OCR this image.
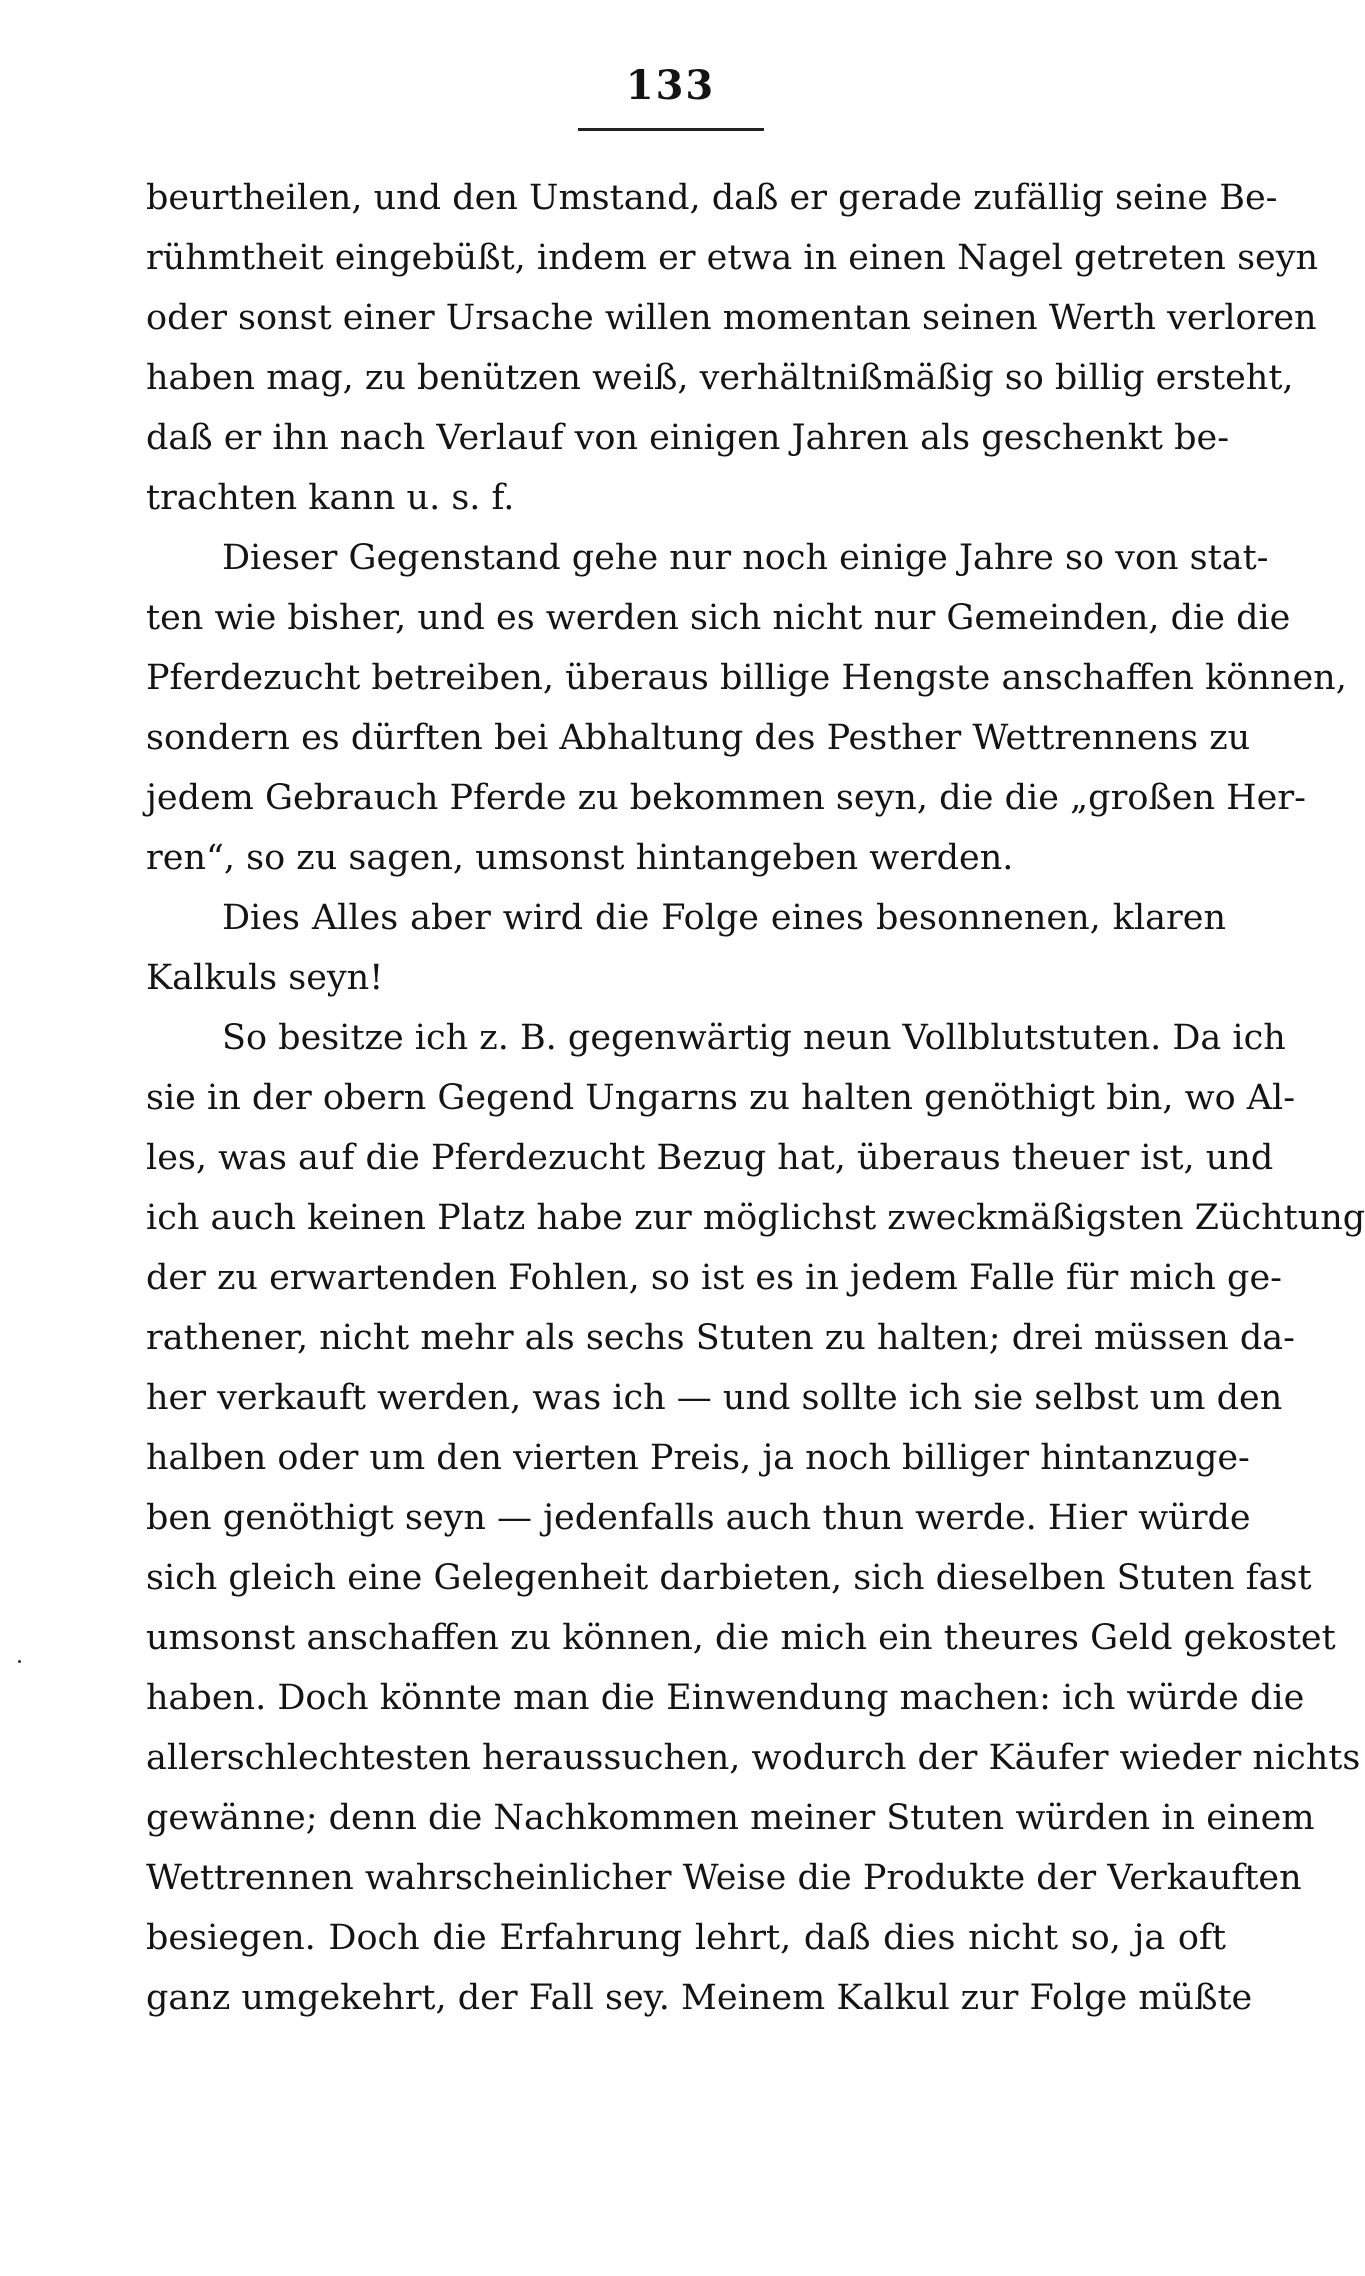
133
beurtheilen, und den Umstand, daß er gerade zufällig seine Be-
rühmtheit eingebüßt, indem er etwa in einen Nagel getreten seyn
oder sonst einer Ursache willen momentan seinen Werth verloren
haben mag, zu benützen weiß, verhältnißmäßig so billig ersteht,
daß er ihn nach Verlauf von einigen Jahren als geschenkt be-
trachten kann u. s. f.
Dieser Gegenstand gehe nur noch einige Jahre so von stat-
ten wie bisher, und es werden sich nicht nur Gemeinden, die die
Pferdezucht betreiben, überaus billige Hengste anschaffen können,
sondern es dürften bei Abhaltung des Pesther Wettrennens zu
jedem Gebrauch Pferde zu bekommen seyn, die die „großen Her-
ren“, so zu sagen, umsonst hintangeben werden.
Dies Alles aber wird die Folge eines besonnenen, klaren
Kalkuls seyn!
So besitze ich z. B. gegenwärtig neun Vollblutstuten. Da ich
sie in der obern Gegend Ungarns zu halten genöthigt bin, wo Al-
les, was auf die Pferdezucht Bezug hat, überaus theuer ist, und
ich auch keinen Platz habe zur möglichst zweckmäßigsten Züchtung
der zu erwartenden Fohlen, so ist es in jedem Falle für mich ge-
rathener, nicht mehr als sechs Stuten zu halten; drei müssen da-
her verkauft werden, was ich — und sollte ich sie selbst um den
halben oder um den vierten Preis, ja noch billiger hintanzuge-
ben genöthigt seyn — jedenfalls auch thun werde. Hier würde
sich gleich eine Gelegenheit darbieten, sich dieselben Stuten fast
umsonst anschaffen zu können, die mich ein theures Geld gekostet
haben. Doch könnte man die Einwendung machen: ich würde die
allerschlechtesten heraussuchen, wodurch der Käufer wieder nichts
gewänne; denn die Nachkommen meiner Stuten würden in einem
Wettrennen wahrscheinlicher Weise die Produkte der Verkauften
besiegen. Doch die Erfahrung lehrt, daß dies nicht so, ja oft
ganz umgekehrt, der Fall sey. Meinem Kalkul zur Folge müßte
